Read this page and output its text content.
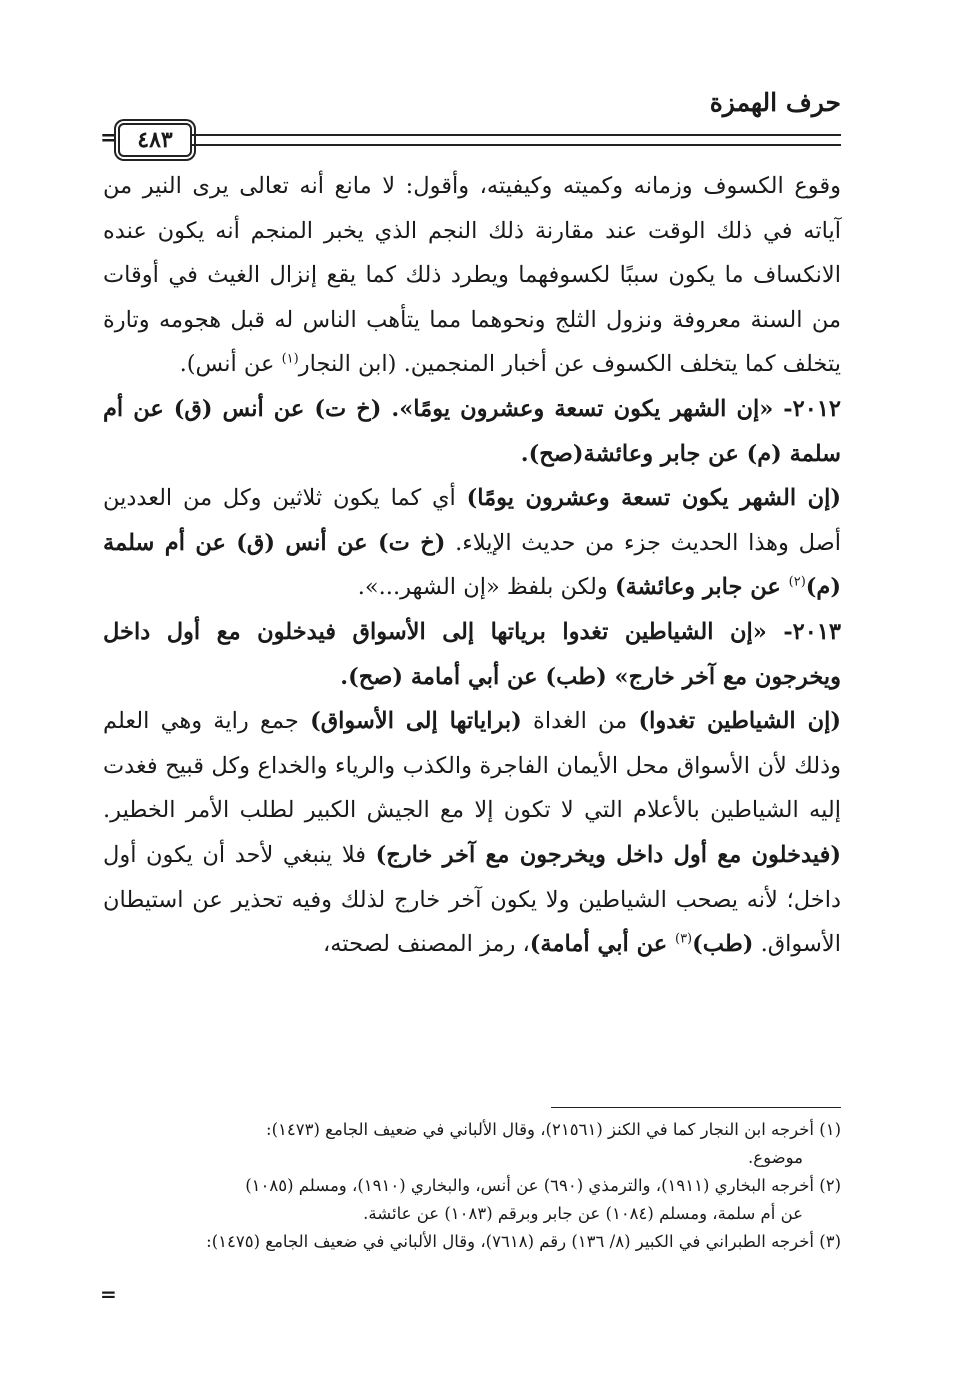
حرف الهمزة
= ٤٨٣

وقوع الكسوف وزمانه وكميته وكيفيته، وأقول: لا مانع أنه تعالى يرى النير من آياته في ذلك الوقت عند مقارنة ذلك النجم الذي يخبر المنجم أنه يكون عنده الانكساف ما يكون سببًا لكسوفهما ويطرد ذلك كما يقع إنزال الغيث في أوقات من السنة معروفة ونزول الثلج ونحوهما مما يتأهب الناس له قبل هجومه وتارة يتخلف كما يتخلف الكسوف عن أخبار المنجمين. (ابن النجار$^{(١)}$ عن أنس).

٢٠١٢- «إن الشهر يكون تسعة وعشرون يومًا». (خ ت) عن أنس (ق) عن أم سلمة (م) عن جابر وعائشة(صح).

(إن الشهر يكون تسعة وعشرون يومًا) أي كما يكون ثلاثين وكل من العددين أصل وهذا الحديث جزء من حديث الإيلاء. (خ ت) عن أنس (ق) عن أم سلمة (م)$^{(٢)}$ عن جابر وعائشة) ولكن بلفظ «إن الشهر...».

٢٠١٣- «إن الشياطين تغدوا برياتها إلى الأسواق فيدخلون مع أول داخل ويخرجون مع آخر خارج» (طب) عن أبي أمامة (صح).

(إن الشياطين تغدوا) من الغداة (براياتها إلى الأسواق) جمع راية وهي العلم وذلك لأن الأسواق محل الأيمان الفاجرة والكذب والرياء والخداع وكل قبيح فغدت إليه الشياطين بالأعلام التي لا تكون إلا مع الجيش الكبير لطلب الأمر الخطير. (فيدخلون مع أول داخل ويخرجون مع آخر خارج) فلا ينبغي لأحد أن يكون أول داخل؛ لأنه يصحب الشياطين ولا يكون آخر خارج لذلك وفيه تحذير عن استيطان الأسواق. (طب)$^{(٣)}$ عن أبي أمامة)، رمز المصنف لصحته،

(١) أخرجه ابن النجار كما في الكنز (٢١٥٦١)، وقال الألباني في ضعيف الجامع (١٤٧٣):

موضوع.

(٢) أخرجه البخاري (١٩١١)، والترمذي (٦٩٠) عن أنس، والبخاري (١٩١٠)، ومسلم (١٠٨٥)

عن أم سلمة، ومسلم (١٠٨٤) عن جابر وبرقم (١٠٨٣) عن عائشة.

(٣) أخرجه الطبراني في الكبير (٨/ ١٣٦) رقم (٧٦١٨)، وقال الألباني في ضعيف الجامع (١٤٧٥):

=
